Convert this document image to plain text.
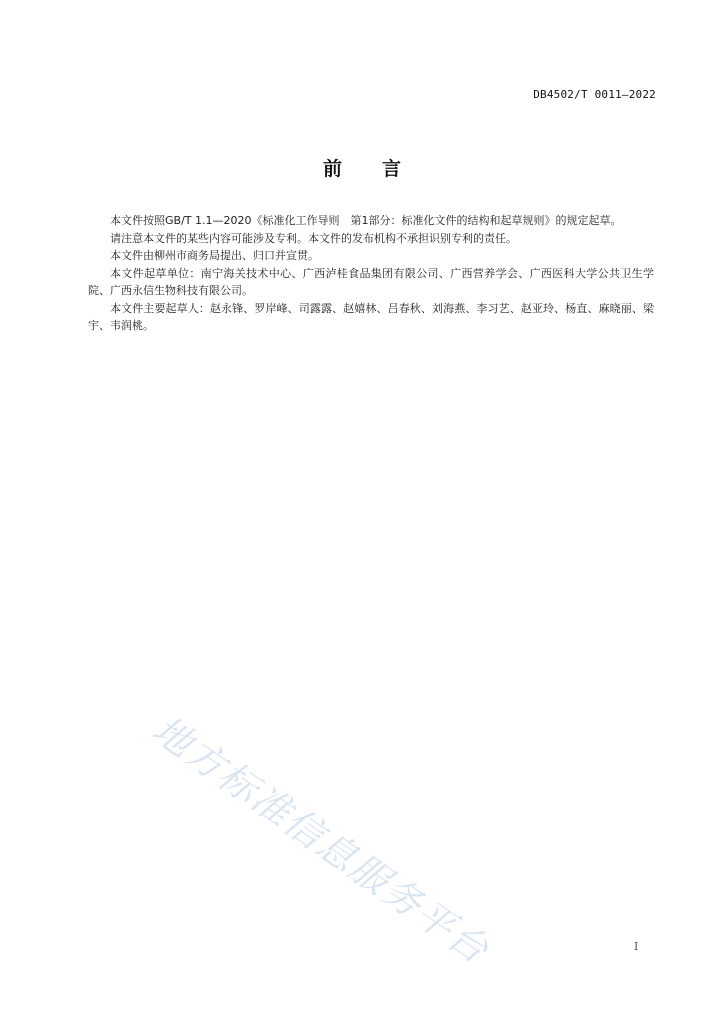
DB4502/T 0011—2022
前 言

本文件按照GB/T 1.1—2020《标准化工作导则　第1部分：标准化文件的结构和起草规则》的规定起草。

请注意本文件的某些内容可能涉及专利。本文件的发布机构不承担识别专利的责任。

本文件由柳州市商务局提出、归口并宣贯。

本文件起草单位：南宁海关技术中心、广西泸桂食品集团有限公司、广西营养学会、广西医科大学公共卫生学院、广西永信生物科技有限公司。

本文件主要起草人：赵永锋、罗岸峰、司露露、赵嬉林、吕春秋、刘海燕、李习艺、赵亚玲、杨直、麻晓丽、梁宇、韦润桃。

地方标准信息服务平台	I
